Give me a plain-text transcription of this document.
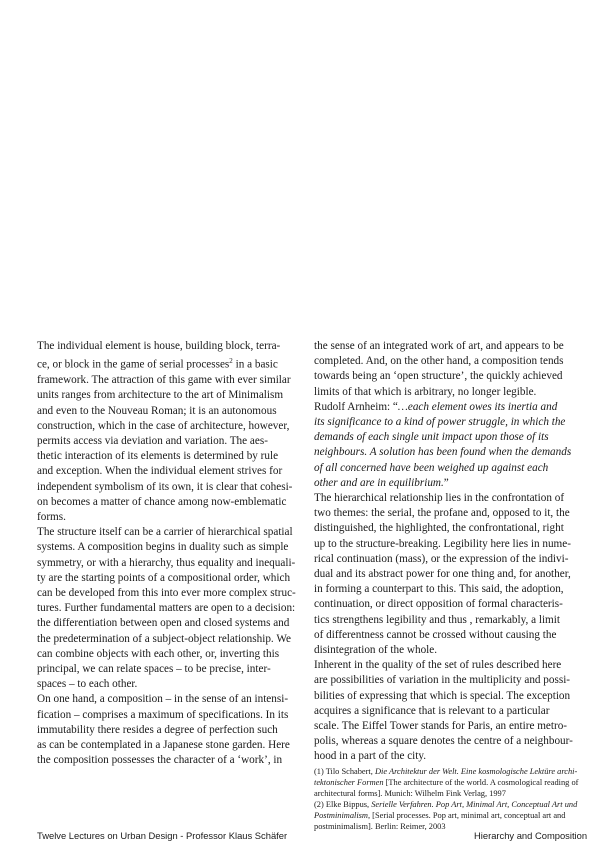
The individual element is house, building block, terra-

ce, or block in the game of serial processes$^2$ in a basic

framework. The attraction of this game with ever similar

units ranges from architecture to the art of Minimalism

and even to the Nouveau Roman; it is an autonomous

construction, which in the case of architecture, however,

permits access via deviation and variation. The aes-

thetic interaction of its elements is determined by rule

and exception. When the individual element strives for

independent symbolism of its own, it is clear that cohesi-

on becomes a matter of chance among now-emblematic

forms.

The structure itself can be a carrier of hierarchical spatial

systems. A composition begins in duality such as simple

symmetry, or with a hierarchy, thus equality and inequali-

ty are the starting points of a compositional order, which

can be developed from this into ever more complex struc-

tures. Further fundamental matters are open to a decision:

the differentiation between open and closed systems and

the predetermination of a subject-object relationship. We

can combine objects with each other, or, inverting this

principal, we can relate spaces – to be precise, inter-

spaces – to each other.

On one hand, a composition – in the sense of an intensi-

fication – comprises a maximum of specifications. In its

immutability there resides a degree of perfection such

as can be contemplated in a Japanese stone garden. Here

the composition possesses the character of a ‘work’, in

the sense of an integrated work of art, and appears to be

completed. And, on the other hand, a composition tends

towards being an ‘open structure’, the quickly achieved

limits of that which is arbitrary, no longer legible.

Rudolf Arnheim: “…each element owes its inertia and

its significance to a kind of power struggle, in which the

demands of each single unit impact upon those of its

neighbours. A solution has been found when the demands

of all concerned have been weighed up against each

other and are in equilibrium.”

The hierarchical relationship lies in the confrontation of

two themes: the serial, the profane and, opposed to it, the

distinguished, the highlighted, the confrontational, right

up to the structure-breaking. Legibility here lies in nume-

rical continuation (mass), or the expression of the indivi-

dual and its abstract power for one thing and, for another,

in forming a counterpart to this. This said, the adoption,

continuation, or direct opposition of formal characteris-

tics strengthens legibility and thus , remarkably, a limit

of differentness cannot be crossed without causing the

disintegration of the whole.

Inherent in the quality of the set of rules described here

are possibilities of variation in the multiplicity and possi-

bilities of expressing that which is special. The exception

acquires a significance that is relevant to a particular

scale. The Eiffel Tower stands for Paris, an entire metro-

polis, whereas a square denotes the centre of a neighbour-

hood in a part of the city.

(1) Tilo Schabert, Die Architektur der Welt. Eine kosmologische Lektüre archi-

tektonischer Formen [The architecture of the world. A cosmological reading of

architectural forms]. Munich: Wilhelm Fink Verlag, 1997

(2) Elke Bippus, Serielle Verfahren. Pop Art, Minimal Art, Conceptual Art und

Postminimalism, [Serial processes. Pop art, minimal art, conceptual art and

postminimalism]. Berlin: Reimer, 2003

Twelve Lectures on Urban Design - Professor Klaus Schäfer	Hierarchy and Composition
